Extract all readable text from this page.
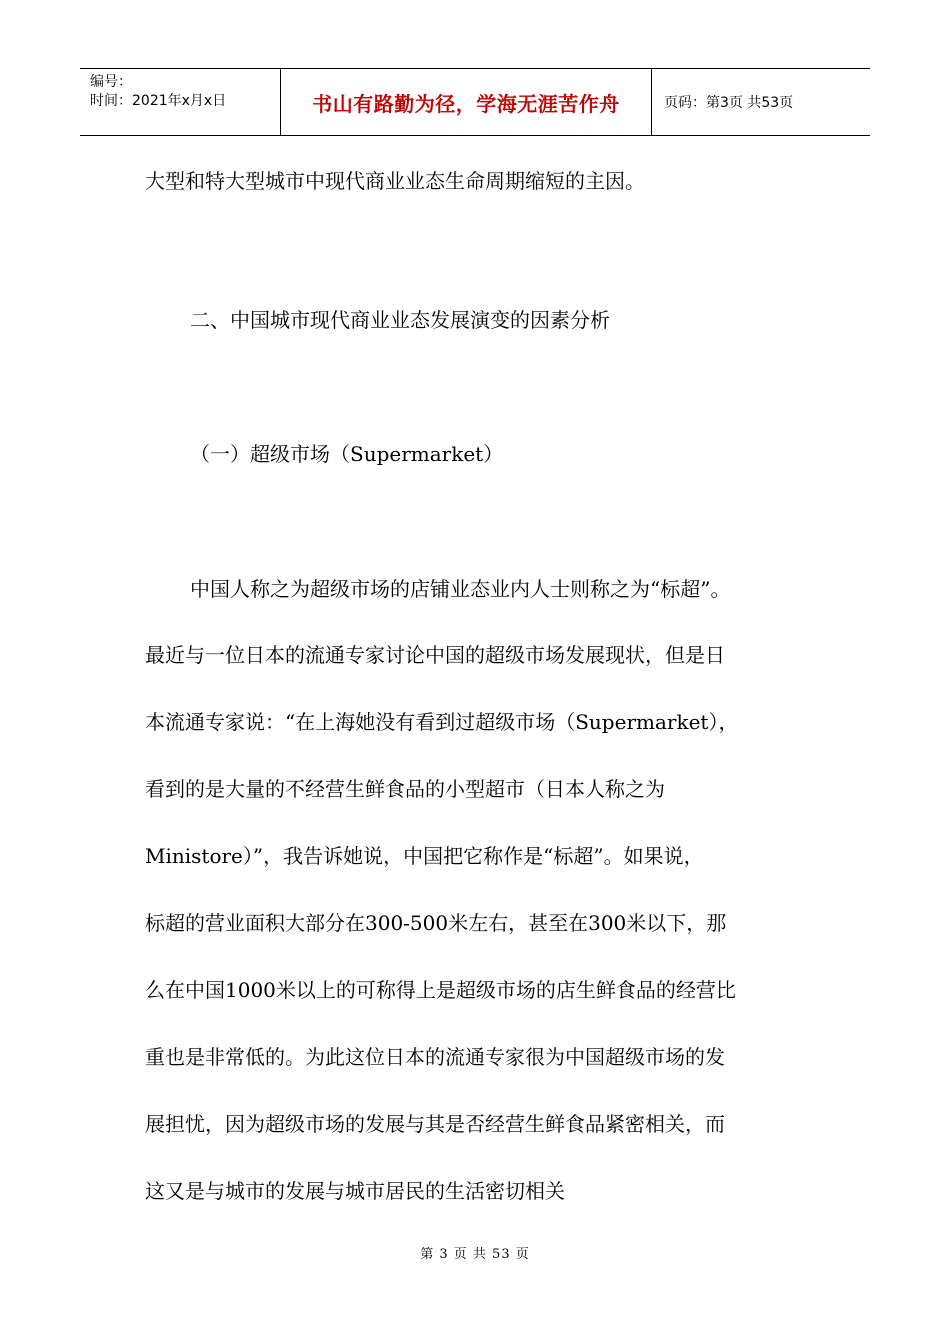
编号：
时间：2021年x月x日	书山有路勤为径，学海无涯苦作舟	页码：第3页 共53页
大型和特大型城市中现代商业业态生命周期缩短的主因。
二、中国城市现代商业业态发展演变的因素分析
（一）超级市场（Supermarket）
中国人称之为超级市场的店铺业态业内人士则称之为“标超”。
最近与一位日本的流通专家讨论中国的超级市场发展现状，但是日
本流通专家说：“在上海她没有看到过超级市场（Supermarket），
看到的是大量的不经营生鲜食品的小型超市（日本人称之为
Ministore）”，我告诉她说，中国把它称作是“标超”。如果说，
标超的营业面积大部分在300-500米左右，甚至在300米以下，那
么在中国1000米以上的可称得上是超级市场的店生鲜食品的经营比
重也是非常低的。为此这位日本的流通专家很为中国超级市场的发
展担忧，因为超级市场的发展与其是否经营生鲜食品紧密相关，而
这又是与城市的发展与城市居民的生活密切相关
第 3 页 共 53 页
